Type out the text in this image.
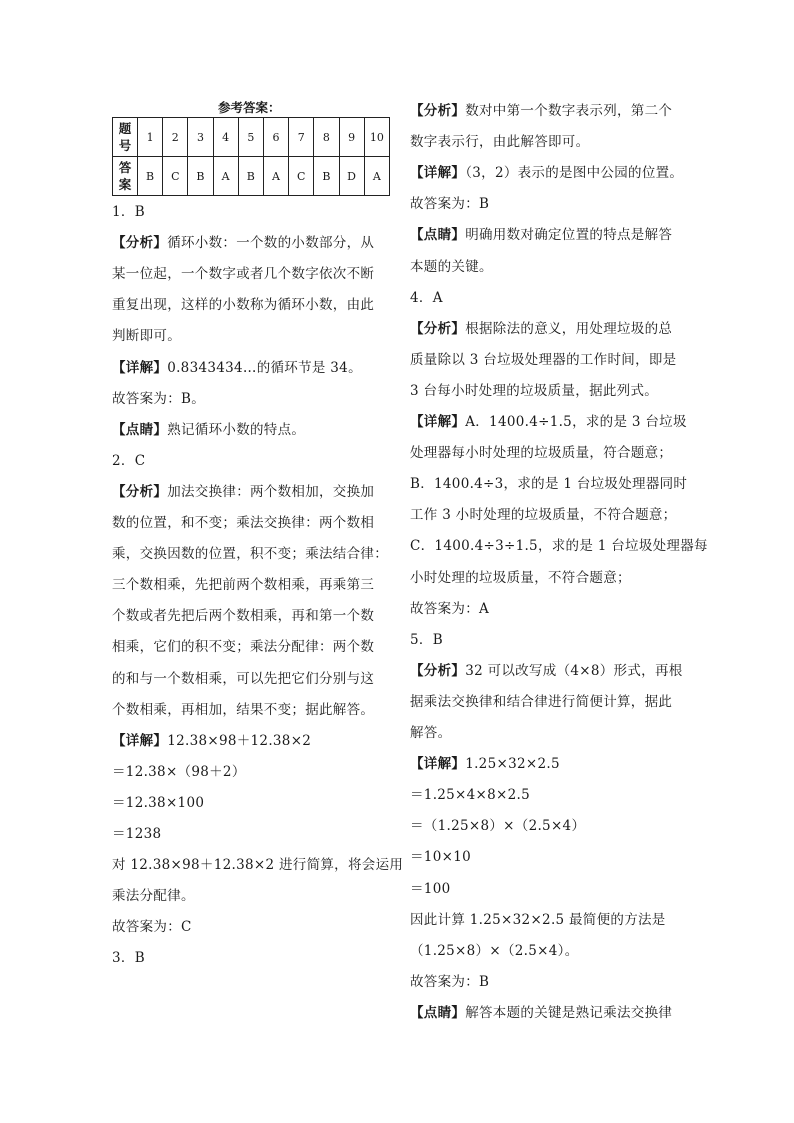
参考答案：
题
号	1	2	3	4	5	6	7	8	9	10

答
案	B	C	B	A	B	A	C	B	D	A
1．B
【分析】循环小数：一个数的小数部分，从
某一位起，一个数字或者几个数字依次不断
重复出现，这样的小数称为循环小数，由此
判断即可。
【详解】0.8343434…的循环节是 34。
故答案为：B。
【点睛】熟记循环小数的特点。
2．C
【分析】加法交换律：两个数相加，交换加
数的位置，和不变；乘法交换律：两个数相
乘，交换因数的位置，积不变；乘法结合律：
三个数相乘，先把前两个数相乘，再乘第三
个数或者先把后两个数相乘，再和第一个数
相乘，它们的积不变；乘法分配律：两个数
的和与一个数相乘，可以先把它们分别与这
个数相乘，再相加，结果不变；据此解答。
【详解】12.38×98＋12.38×2
＝12.38×（98＋2）
＝12.38×100
＝1238
对 12.38×98＋12.38×2 进行简算，将会运用
乘法分配律。
故答案为：C
3．B
【分析】数对中第一个数字表示列，第二个
数字表示行，由此解答即可。
【详解】（3，2）表示的是图中公园的位置。
故答案为：B
【点睛】明确用数对确定位置的特点是解答
本题的关键。
4．A
【分析】根据除法的意义，用处理垃圾的总
质量除以 3 台垃圾处理器的工作时间，即是
3 台每小时处理的垃圾质量，据此列式。
【详解】A．1400.4÷1.5，求的是 3 台垃圾
处理器每小时处理的垃圾质量，符合题意；
B．1400.4÷3，求的是 1 台垃圾处理器同时
工作 3 小时处理的垃圾质量，不符合题意；
C．1400.4÷3÷1.5，求的是 1 台垃圾处理器每
小时处理的垃圾质量，不符合题意；
故答案为：A
5．B
【分析】32 可以改写成（4×8）形式，再根
据乘法交换律和结合律进行简便计算，据此
解答。
【详解】1.25×32×2.5
＝1.25×4×8×2.5
＝（1.25×8）×（2.5×4）
＝10×10
＝100
因此计算 1.25×32×2.5 最简便的方法是
（1.25×8）×（2.5×4）。
故答案为：B
【点睛】解答本题的关键是熟记乘法交换律
